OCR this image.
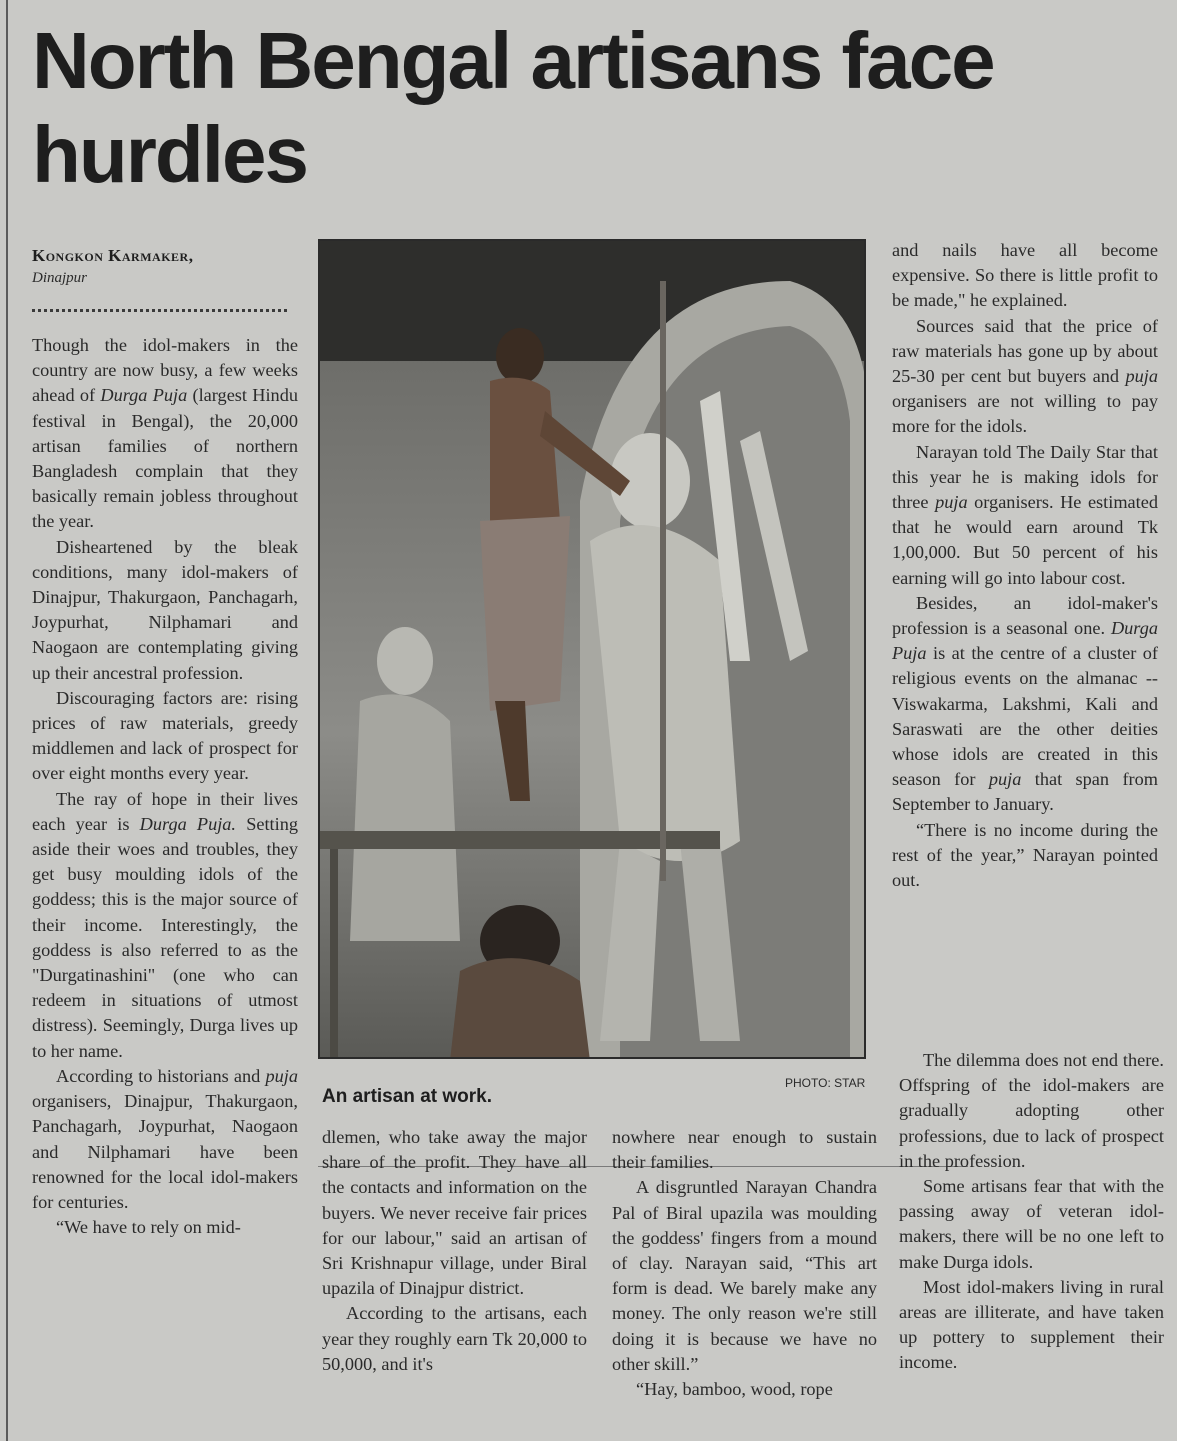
North Bengal artisans face hurdles
Kongkon Karmaker,
Dinajpur

Though the idol-makers in the country are now busy, a few weeks ahead of Durga Puja (largest Hindu festival in Bengal), the 20,000 artisan families of northern Bangladesh complain that they basically remain jobless throughout the year.

Disheartened by the bleak conditions, many idol-makers of Dinajpur, Thakurgaon, Panchagarh, Joypurhat, Nilphamari and Naogaon are contemplating giving up their ancestral profession.

Discouraging factors are: rising prices of raw materials, greedy middlemen and lack of prospect for over eight months every year.

The ray of hope in their lives each year is Durga Puja. Setting aside their woes and troubles, they get busy moulding idols of the goddess; this is the major source of their income. Interestingly, the goddess is also referred to as the "Durgatinashini" (one who can redeem in situations of utmost distress). Seemingly, Durga lives up to her name.

According to historians and puja organisers, Dinajpur, Thakurgaon, Panchagarh, Joypurhat, Naogaon and Nilphamari have been renowned for the local idol-makers for centuries.

“We have to rely on mid-

PHOTO: STAR
An artisan at work.

dlemen, who take away the major share of the profit. They have all the contacts and information on the buyers. We never receive fair prices for our labour," said an artisan of Sri Krishnapur village, under Biral upazila of Dinajpur district.

According to the artisans, each year they roughly earn Tk 20,000 to 50,000, and it's

nowhere near enough to sustain their families.

A disgruntled Narayan Chandra Pal of Biral upazila was moulding the goddess' fingers from a mound of clay. Narayan said, “This art form is dead. We barely make any money. The only reason we're still doing it is because we have no other skill.”

“Hay, bamboo, wood, rope

and nails have all become expensive. So there is little profit to be made," he explained.

Sources said that the price of raw materials has gone up by about 25-30 per cent but buyers and puja organisers are not willing to pay more for the idols.

Narayan told The Daily Star that this year he is making idols for three puja organisers. He estimated that he would earn around Tk 1,00,000. But 50 percent of his earning will go into labour cost.

Besides, an idol-maker's profession is a seasonal one. Durga Puja is at the centre of a cluster of religious events on the almanac -- Viswakarma, Lakshmi, Kali and Saraswati are the other deities whose idols are created in this season for puja that span from September to January.

“There is no income during the rest of the year,” Narayan pointed out.

The dilemma does not end there. Offspring of the idol-makers are gradually adopting other professions, due to lack of prospect in the profession.

Some artisans fear that with the passing away of veteran idol-makers, there will be no one left to make Durga idols.

Most idol-makers living in rural areas are illiterate, and have taken up pottery to supplement their income.
